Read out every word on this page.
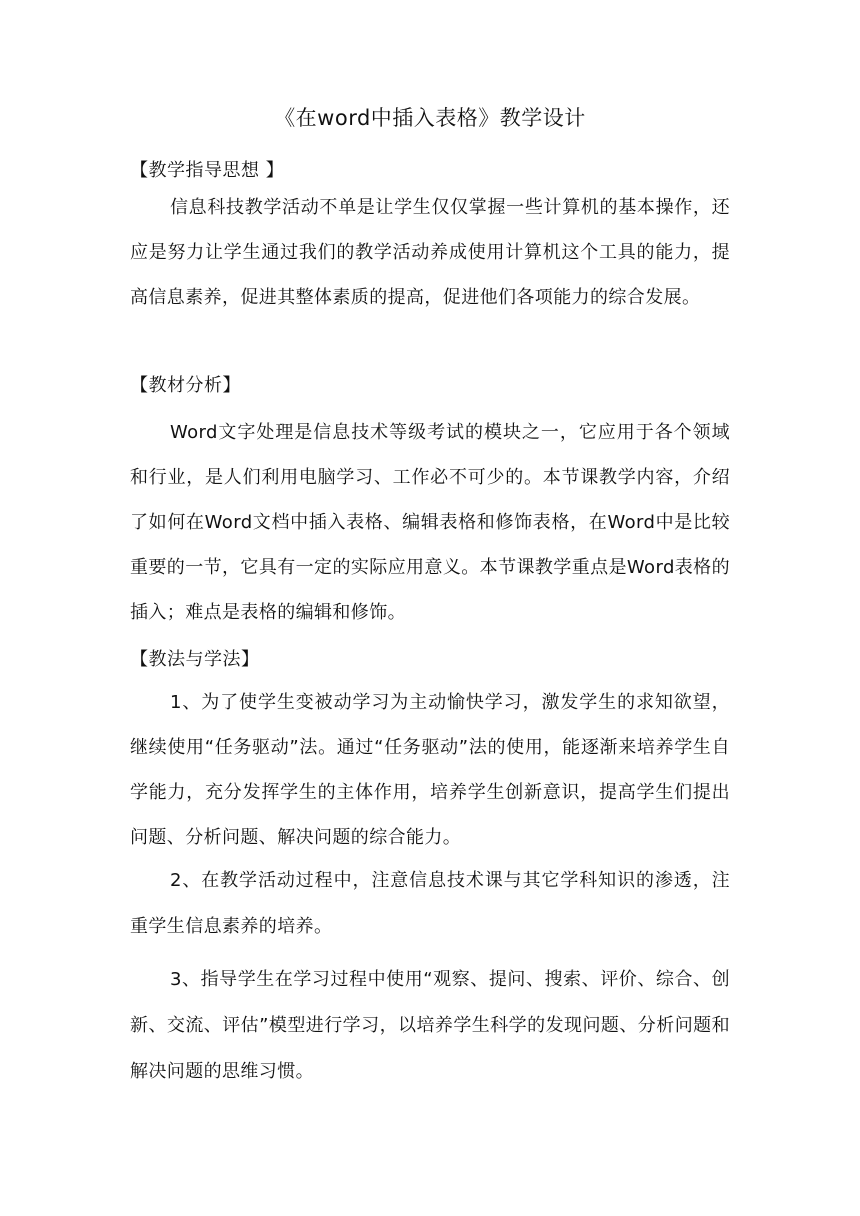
《在word中插入表格》教学设计
【教学指导思想 】
信息科技教学活动不单是让学生仅仅掌握一些计算机的基本操作，还应是努力让学生通过我们的教学活动养成使用计算机这个工具的能力，提高信息素养，促进其整体素质的提高，促进他们各项能力的综合发展。
【教材分析】
Word文字处理是信息技术等级考试的模块之一，它应用于各个领域和行业，是人们利用电脑学习、工作必不可少的。本节课教学内容，介绍了如何在Word文档中插入表格、编辑表格和修饰表格，在Word中是比较重要的一节，它具有一定的实际应用意义。本节课教学重点是Word表格的插入；难点是表格的编辑和修饰。
【教法与学法】
1、为了使学生变被动学习为主动愉快学习，激发学生的求知欲望，继续使用“任务驱动”法。通过“任务驱动”法的使用，能逐渐来培养学生自学能力，充分发挥学生的主体作用，培养学生创新意识，提高学生们提出问题、分析问题、解决问题的综合能力。
2、在教学活动过程中，注意信息技术课与其它学科知识的渗透，注重学生信息素养的培养。
3、指导学生在学习过程中使用“观察、提问、搜索、评价、综合、创新、交流、评估”模型进行学习，以培养学生科学的发现问题、分析问题和解决问题的思维习惯。
